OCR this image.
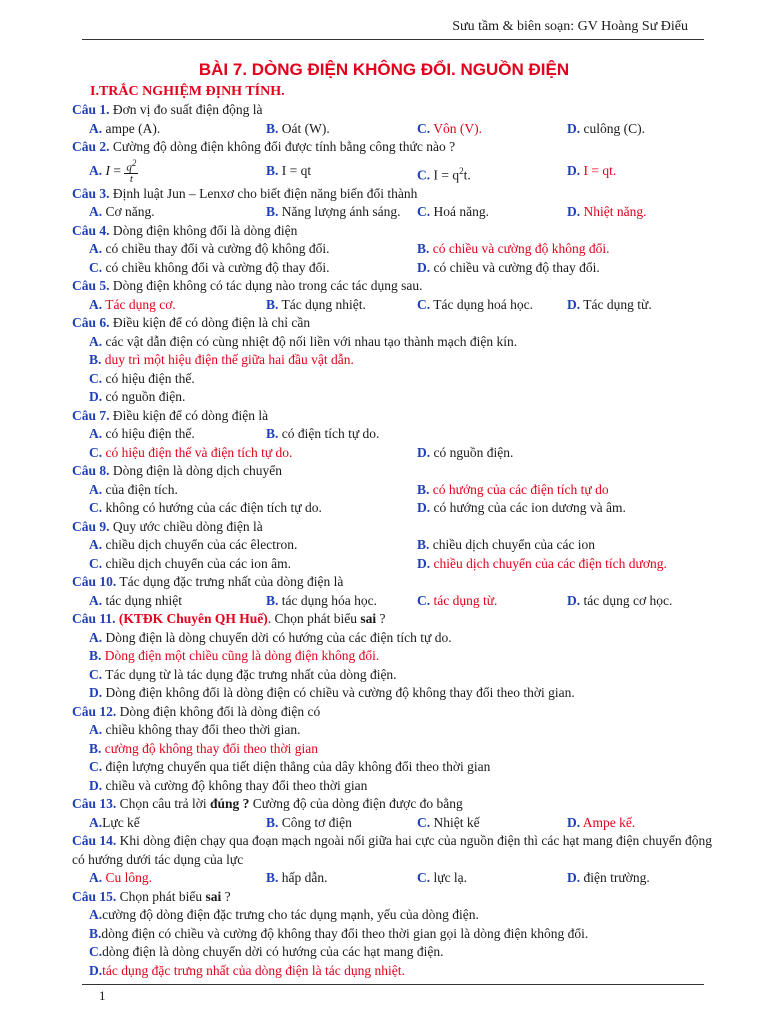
Sưu tầm & biên soạn: GV Hoàng Sư Điểu
BÀI 7. DÒNG ĐIỆN KHÔNG ĐỔI. NGUỒN ĐIỆN
I.TRẮC NGHIỆM ĐỊNH TÍNH.
Câu 1. Đơn vị đo suất điện động là
A. ampe (A).	B. Oát (W).	C. Vôn (V).	D. culông (C).
Câu 2. Cường độ dòng điện không đổi được tính bằng công thức nào ?
A. $I = \frac{q^2}{t}$	B. I = qt	C. $I = q^2t$.	D. I = qt.
Câu 3. Định luật Jun – Lenxơ cho biết điện năng biến đổi thành
A. Cơ năng.	B. Năng lượng ánh sáng. C. Hoá năng.	D. Nhiệt năng.
Câu 4. Dòng điện không đổi là dòng điện
A. có chiều thay đổi và cường độ không đổi.	B. có chiều và cường độ không đổi.
C. có chiều không đổi và cường độ thay đổi.	D. có chiều và cường độ thay đổi.
Câu 5. Dòng điện không có tác dụng nào trong các tác dụng sau.
A. Tác dụng cơ.	B. Tác dụng nhiệt.	C. Tác dụng hoá học.	D. Tác dụng từ.
Câu 6. Điều kiện để có dòng điện là chỉ cần
A. các vật dẫn điện có cùng nhiệt độ nối liền với nhau tạo thành mạch điện kín.
B. duy trì một hiệu điện thế giữa hai đầu vật dẫn.
C. có hiệu điện thế.
D. có nguồn điện.
Câu 7. Điều kiện để có dòng điện là
A. có hiệu điện thế.	B. có điện tích tự do.
C. có hiệu điện thế và điện tích tự do.	D. có nguồn điện.
Câu 8. Dòng điện là dòng dịch chuyển
A. của điện tích.	B. có hướng của các điện tích tự do
C. không có hướng của các điện tích tự do.	D. có hướng của các ion dương và âm.
Câu 9. Quy ước chiều dòng điện là
A. chiều dịch chuyển của các êlectron.	B. chiều dịch chuyển của các ion
C. chiều dịch chuyển của các ion âm.	D. chiều dịch chuyển của các điện tích dương.
Câu 10. Tác dụng đặc trưng nhất của dòng điện là
A. tác dụng nhiệt	B. tác dụng hóa học.	C. tác dụng từ.	D. tác dụng cơ học.
Câu 11. (KTĐK Chuyên QH Huế). Chọn phát biểu sai ?
A. Dòng điện là dòng chuyển dời có hướng của các điện tích tự do.
B. Dòng điện một chiều cũng là dòng điện không đổi.
C. Tác dụng từ là tác dụng đặc trưng nhất của dòng điện.
D. Dòng điện không đổi là dòng điện có chiều và cường độ không thay đổi theo thời gian.
Câu 12. Dòng điện không đổi là dòng điện có
A. chiều không thay đổi theo thời gian.
B. cường độ không thay đổi theo thời gian
C. điện lượng chuyển qua tiết diện thẳng của dây không đổi theo thời gian
D. chiều và cường độ không thay đổi theo thời gian
Câu 13. Chọn câu trả lời đúng ? Cường độ của dòng điện được đo bằng
A.Lực kế	B. Công tơ điện	C. Nhiệt kế	D. Ampe kế.
Câu 14. Khi dòng điện chạy qua đoạn mạch ngoài nối giữa hai cực của nguồn điện thì các hạt mang điện chuyển động có hướng dưới tác dụng của lực
A. Cu lông.	B. hấp dẫn.	C. lực lạ.	D. điện trường.
Câu 15. Chọn phát biểu sai ?
A.cường độ dòng điện đặc trưng cho tác dụng mạnh, yếu của dòng điện.
B.dòng điện có chiều và cường độ không thay đổi theo thời gian gọi là dòng điện không đổi.
C.dòng điện là dòng chuyển dời có hướng của các hạt mang điện.
D.tác dụng đặc trưng nhất của dòng điện là tác dụng nhiệt.
1
